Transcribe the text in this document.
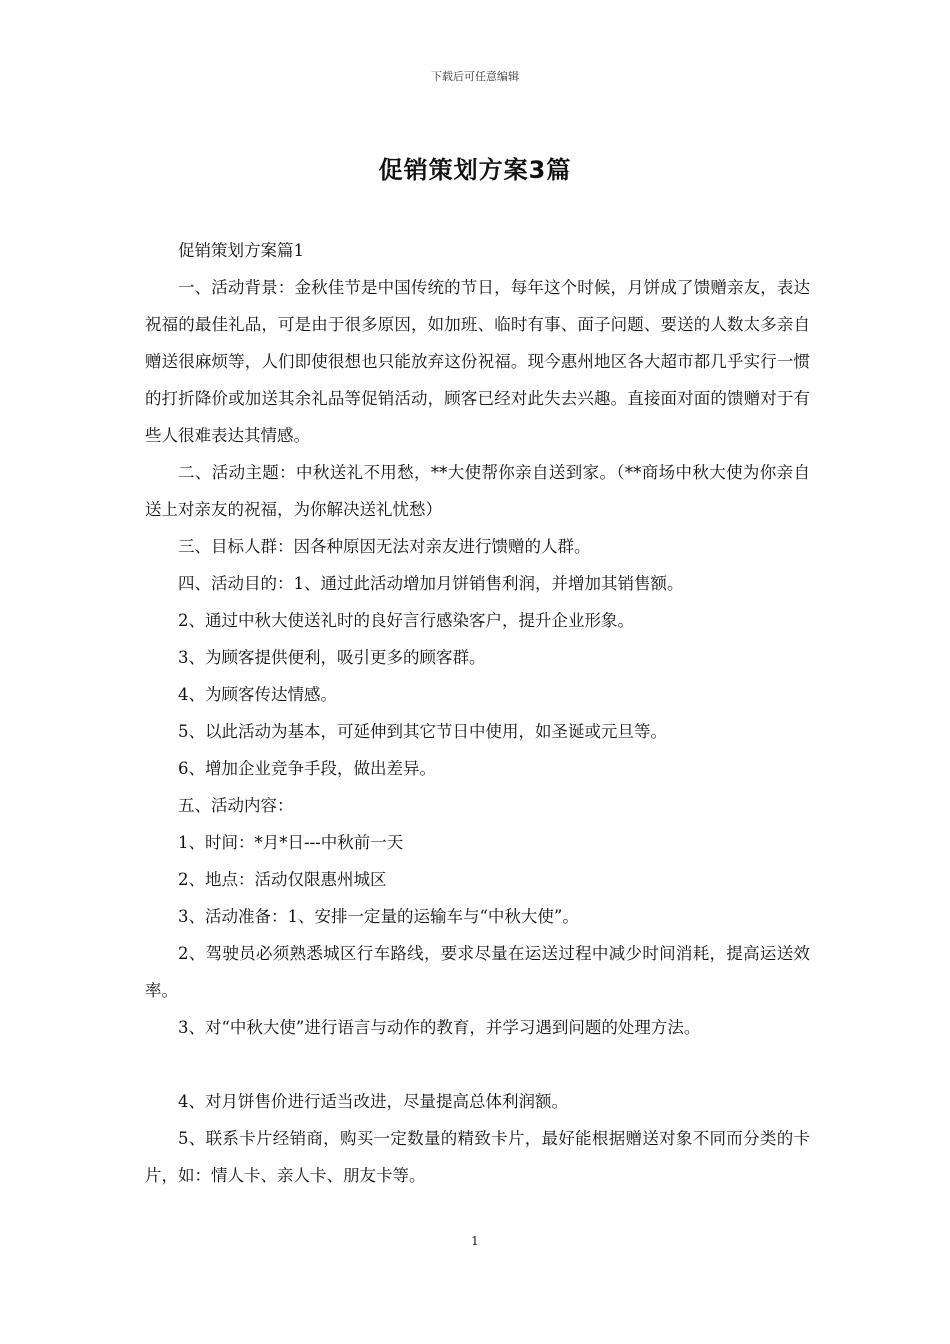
下载后可任意编辑
促销策划方案3篇

促销策划方案篇1

一、活动背景：金秋佳节是中国传统的节日，每年这个时候，月饼成了馈赠亲友，表达祝福的最佳礼品，可是由于很多原因，如加班、临时有事、面子问题、要送的人数太多亲自赠送很麻烦等，人们即使很想也只能放弃这份祝福。现今惠州地区各大超市都几乎实行一惯的打折降价或加送其余礼品等促销活动，顾客已经对此失去兴趣。直接面对面的馈赠对于有些人很难表达其情感。

二、活动主题：中秋送礼不用愁，**大使帮你亲自送到家。（**商场中秋大使为你亲自送上对亲友的祝福，为你解决送礼忧愁）

三、目标人群：因各种原因无法对亲友进行馈赠的人群。

四、活动目的：1、通过此活动增加月饼销售利润，并增加其销售额。

2、通过中秋大使送礼时的良好言行感染客户，提升企业形象。

3、为顾客提供便利，吸引更多的顾客群。

4、为顾客传达情感。

5、以此活动为基本，可延伸到其它节日中使用，如圣诞或元旦等。

6、增加企业竞争手段，做出差异。

五、活动内容：

1、时间：*月*日---中秋前一天

2、地点：活动仅限惠州城区

3、活动准备：1、安排一定量的运输车与“中秋大使”。

2、驾驶员必须熟悉城区行车路线，要求尽量在运送过程中减少时间消耗，提高运送效率。

3、对“中秋大使”进行语言与动作的教育，并学习遇到问题的处理方法。

4、对月饼售价进行适当改进，尽量提高总体利润额。

5、联系卡片经销商，购买一定数量的精致卡片，最好能根据赠送对象不同而分类的卡片，如：情人卡、亲人卡、朋友卡等。

1
